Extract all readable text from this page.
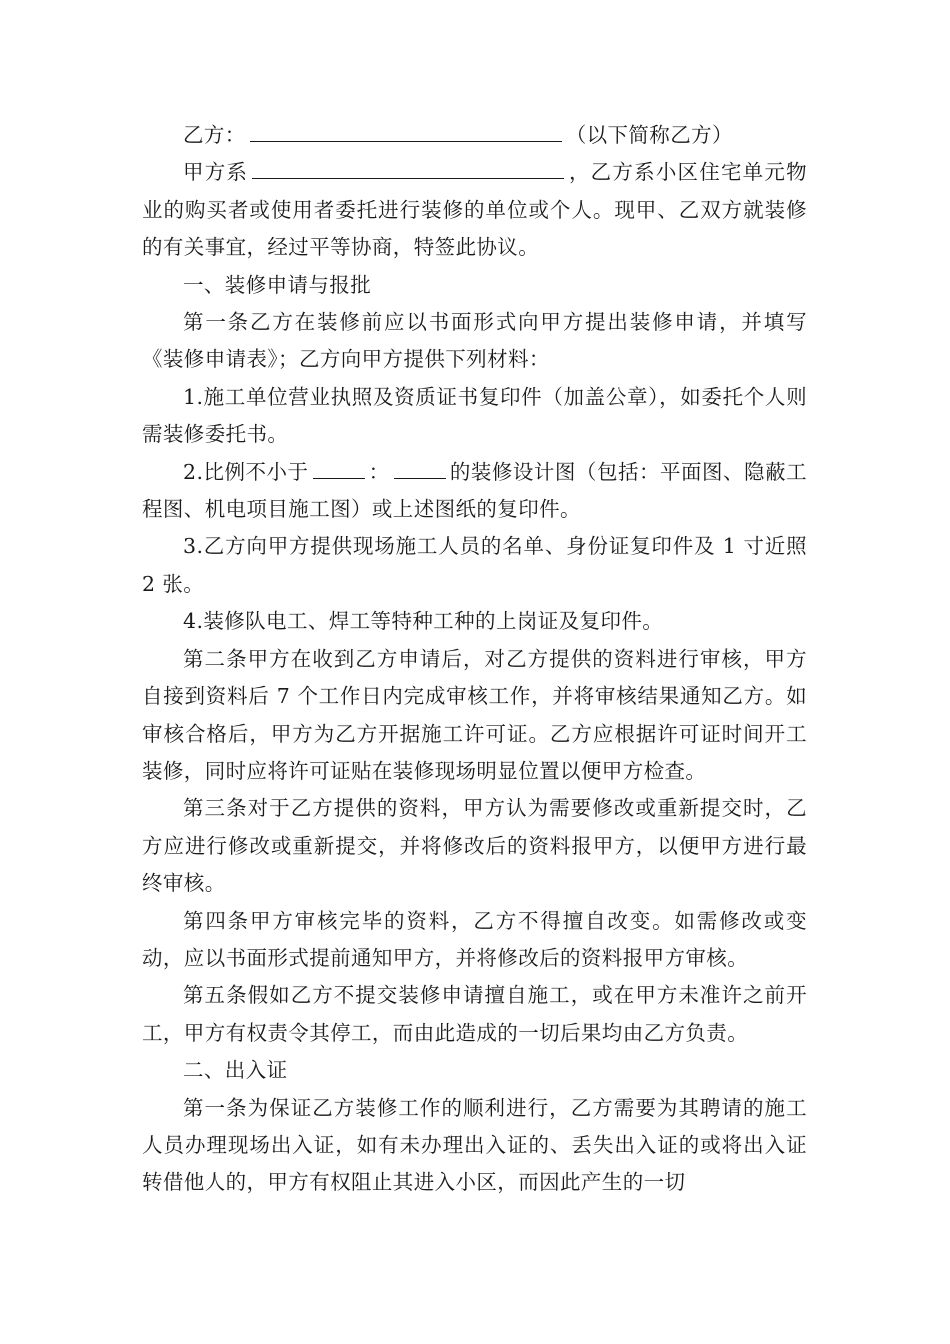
乙方：	（以下简称乙方）

甲方系	，乙方系小区住宅单元物业的购买者或使用者委托进行装修的单位或个人。现甲、乙双方就装修的有关事宜，经过平等协商，特签此协议。

一、装修申请与报批

第一条乙方在装修前应以书面形式向甲方提出装修申请，并填写《装修申请表》；乙方向甲方提供下列材料：

1.施工单位营业执照及资质证书复印件（加盖公章），如委托个人则需装修委托书。

2.比例不小于	：	的装修设计图（包括：平面图、隐蔽工程图、机电项目施工图）或上述图纸的复印件。

3.乙方向甲方提供现场施工人员的名单、身份证复印件及 1 寸近照 2 张。

4.装修队电工、焊工等特种工种的上岗证及复印件。

第二条甲方在收到乙方申请后，对乙方提供的资料进行审核，甲方自接到资料后 7 个工作日内完成审核工作，并将审核结果通知乙方。如审核合格后，甲方为乙方开据施工许可证。乙方应根据许可证时间开工装修，同时应将许可证贴在装修现场明显位置以便甲方检查。

第三条对于乙方提供的资料，甲方认为需要修改或重新提交时，乙方应进行修改或重新提交，并将修改后的资料报甲方，以便甲方进行最终审核。

第四条甲方审核完毕的资料，乙方不得擅自改变。如需修改或变动，应以书面形式提前通知甲方，并将修改后的资料报甲方审核。

第五条假如乙方不提交装修申请擅自施工，或在甲方未准许之前开工，甲方有权责令其停工，而由此造成的一切后果均由乙方负责。

二、出入证

第一条为保证乙方装修工作的顺利进行，乙方需要为其聘请的施工人员办理现场出入证，如有未办理出入证的、丢失出入证的或将出入证转借他人的，甲方有权阻止其进入小区，而因此产生的一切
